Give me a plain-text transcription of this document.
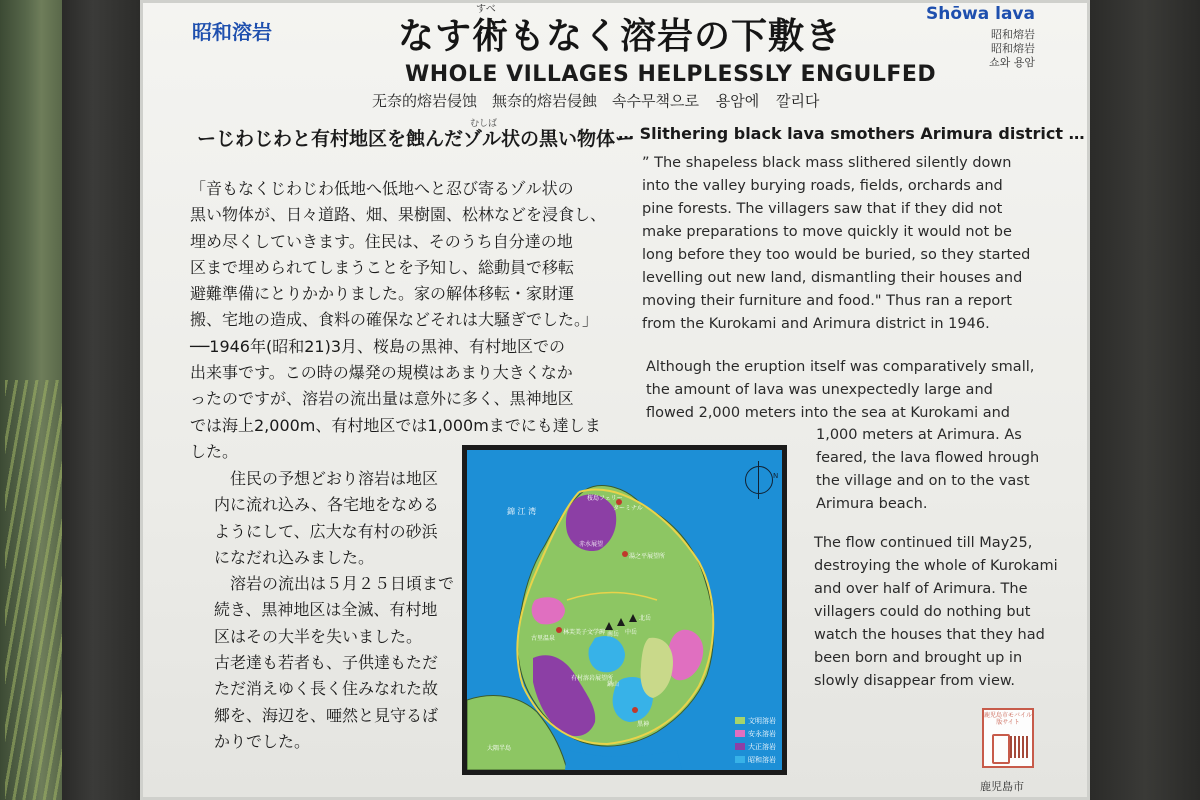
昭和溶岩
すべ
なす術もなく溶岩の下敷き
WHOLE VILLAGES HELPLESSLY ENGULFED
无奈的熔岩侵蚀　無奈的熔岩侵蝕　속수무책으로 용암에 깔리다
Shōwa lava
昭和熔岩
昭和熔岩
쇼와 용암
むしば
ーじわじわと有村地区を蝕んだゾル状の黒い物体ー
… Slithering black lava smothers Arimura district …
「音もなくじわじわ低地へ低地へと忍び寄るゾル状の
黒い物体が、日々道路、畑、果樹園、松林などを浸食し、
埋め尽くしていきます。住民は、そのうち自分達の地
区まで埋められてしまうことを予知し、総動員で移転
避難準備にとりかかりました。家の解体移転・家財運
搬、宅地の造成、食料の確保などそれは大騒ぎでした。」
──1946年(昭和21)3月、桜島の黒神、有村地区での
出来事です。この時の爆発の規模はあまり大きくなか
ったのですが、溶岩の流出量は意外に多く、黒神地区
では海上2,000m、有村地区では1,000mまでにも達しま
した。
　住民の予想どおり溶岩は地区
内に流れ込み、各宅地をなめる
ようにして、広大な有村の砂浜
になだれ込みました。
　溶岩の流出は５月２５日頃まで
続き、黒神地区は全滅、有村地
区はその大半を失いました。
古老達も若者も、子供達もただ
ただ消えゆく長く住みなれた故
郷を、海辺を、唖然と見守るば
かりでした。
” The shapeless black mass slithered silently down
into the valley burying roads, fields, orchards and
pine forests. The villagers saw that if they did not
make preparations to move quickly it would not be
long before they too would be buried, so they started
levelling out new land, dismantling their houses and
moving their furniture and food." Thus ran a report
from the Kurokami and Arimura district in 1946.
Although the eruption itself was comparatively small,
the amount of lava was unexpectedly large and
flowed 2,000 meters into the sea at Kurokami and
1,000 meters at Arimura. As
feared, the lava flowed hrough
the village and on to the vast
Arimura beach.
The flow continued till May25,
destroying the whole of Kurokami
and over half of Arimura. The
villagers could do nothing but
watch the houses that they had
been born and brought up in
slowly disappear from view.
錦 江 湾
桜島フェリー
ターミナル
赤水展望
湯之平展望所
南岳 中岳
北岳
林芙美子文学碑
古里温泉
有村溶岩展望所
鍋山
黒神
大隅半島
N
文明溶岩
安永溶岩
大正溶岩
昭和溶岩
鹿児島市モバイル版サイト
鹿児島市
